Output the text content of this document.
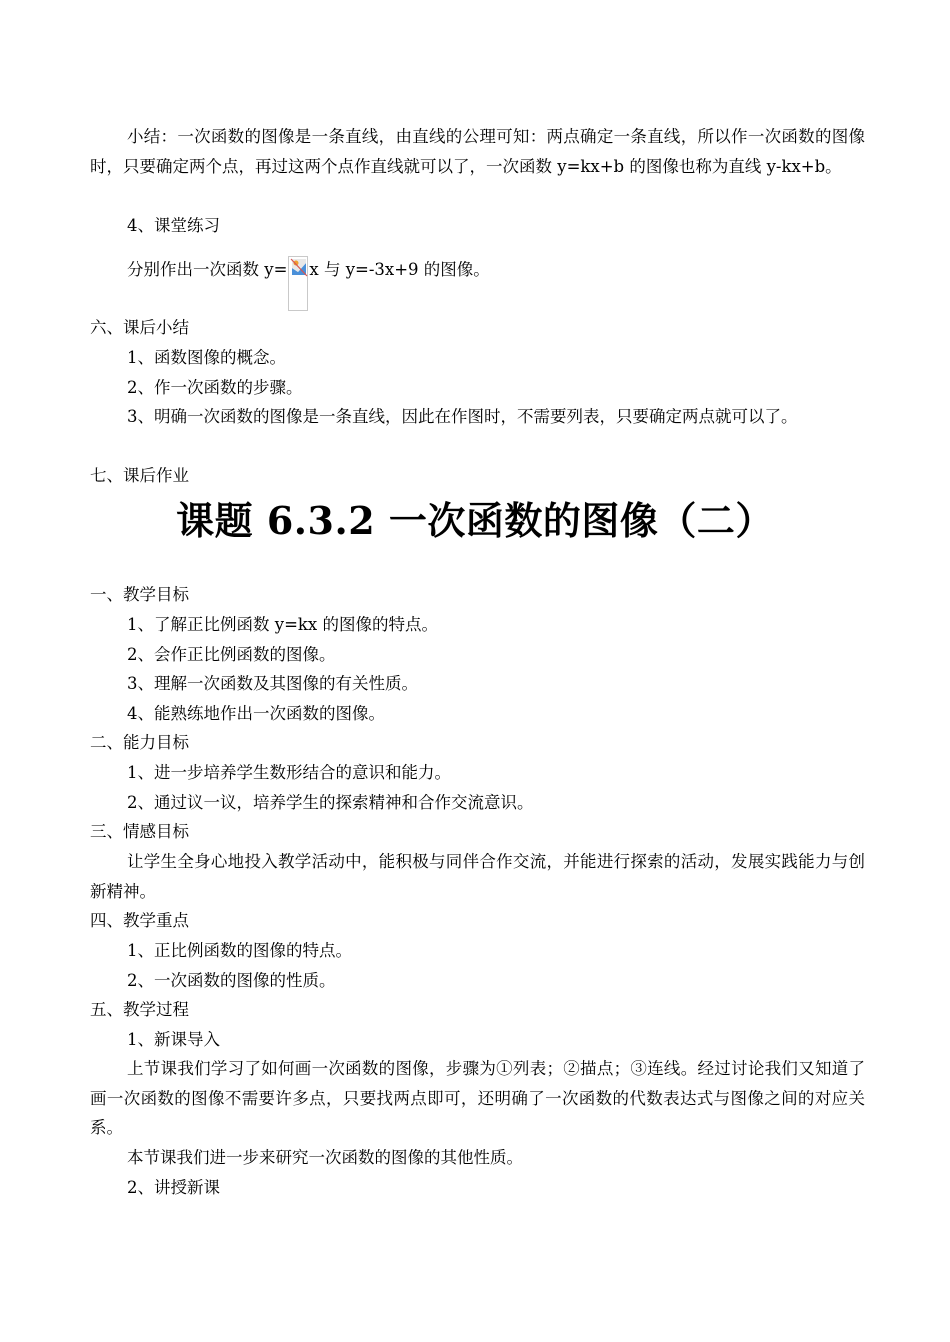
小结：一次函数的图像是一条直线，由直线的公理可知：两点确定一条直线，所以作一次函数的图像时，只要确定两个点，再过这两个点作直线就可以了，一次函数 y=kx+b 的图像也称为直线 y-kx+b。

4、课堂练习

分别作出一次函数 y= x 与 y=-3x+9 的图像。

六、课后小结

1、函数图像的概念。

2、作一次函数的步骤。

3、明确一次函数的图像是一条直线，因此在作图时，不需要列表，只要确定两点就可以了。

七、课后作业

课题 6.3.2 一次函数的图像（二）

一、教学目标

1、了解正比例函数 y=kx 的图像的特点。

2、会作正比例函数的图像。

3、理解一次函数及其图像的有关性质。

4、能熟练地作出一次函数的图像。

二、能力目标

1、进一步培养学生数形结合的意识和能力。

2、通过议一议，培养学生的探索精神和合作交流意识。

三、情感目标

让学生全身心地投入教学活动中，能积极与同伴合作交流，并能进行探索的活动，发展实践能力与创新精神。

四、教学重点

1、正比例函数的图像的特点。

2、一次函数的图像的性质。

五、教学过程

1、新课导入

上节课我们学习了如何画一次函数的图像，步骤为①列表；②描点；③连线。经过讨论我们又知道了画一次函数的图像不需要许多点，只要找两点即可，还明确了一次函数的代数表达式与图像之间的对应关系。

本节课我们进一步来研究一次函数的图像的其他性质。

2、讲授新课
